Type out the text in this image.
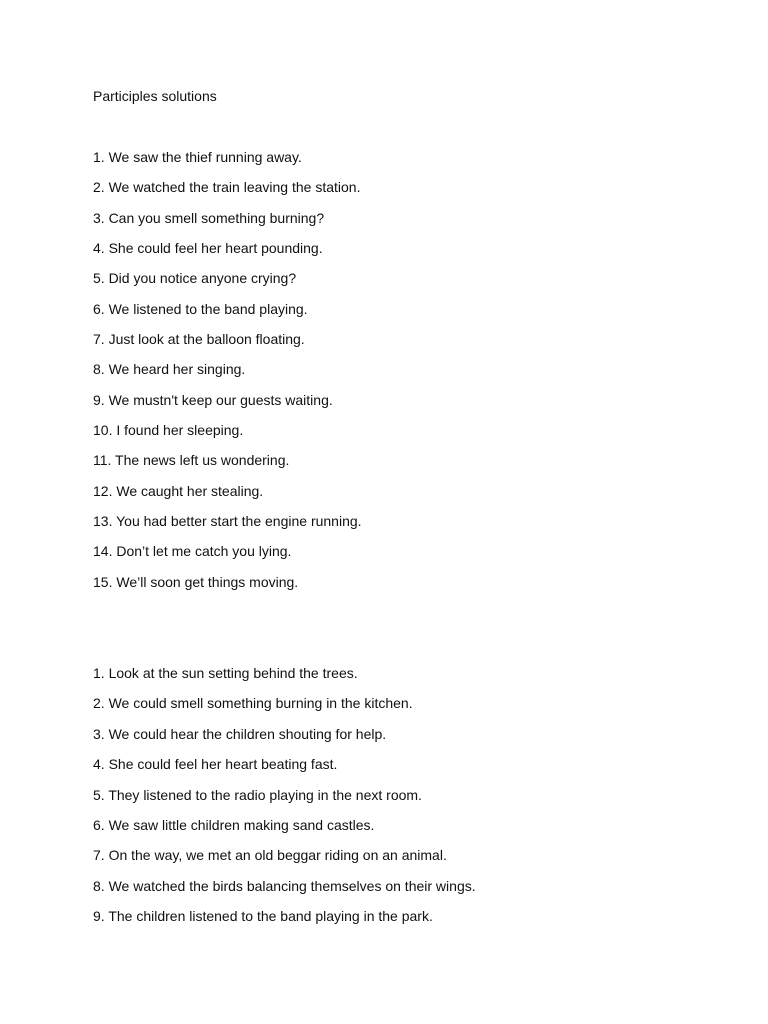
Participles solutions
1. We saw the thief running away.
2. We watched the train leaving the station.
3. Can you smell something burning?
4. She could feel her heart pounding.
5. Did you notice anyone crying?
6. We listened to the band playing.
7. Just look at the balloon floating.
8. We heard her singing.
9. We mustn't keep our guests waiting.
10. I found her sleeping.
11. The news left us wondering.
12. We caught her stealing.
13. You had better start the engine running.
14. Don’t let me catch you lying.
15. We’ll soon get things moving.
1. Look at the sun setting behind the trees.
2. We could smell something burning in the kitchen.
3. We could hear the children shouting for help.
4. She could feel her heart beating fast.
5. They listened to the radio playing in the next room.
6. We saw little children making sand castles.
7. On the way, we met an old beggar riding on an animal.
8. We watched the birds balancing themselves on their wings.
9. The children listened to the band playing in the park.
